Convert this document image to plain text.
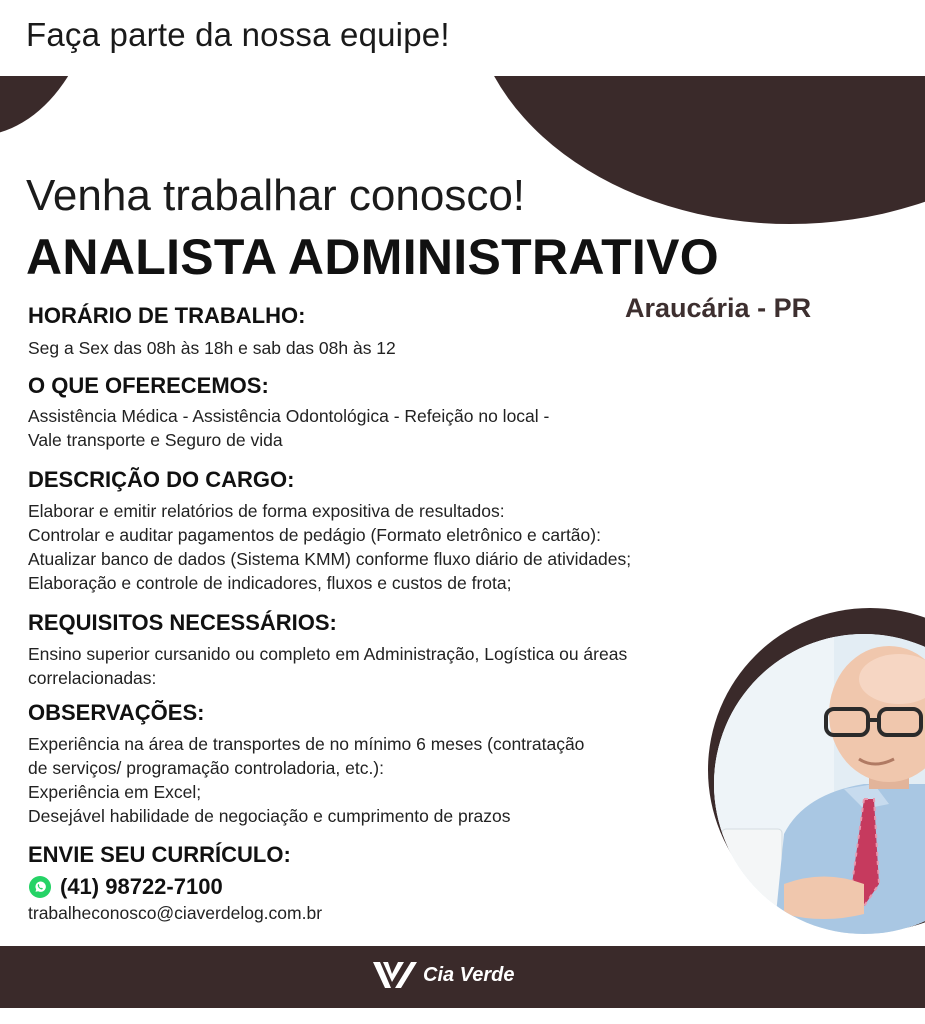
Faça parte da nossa equipe!
Venha trabalhar conosco!
ANALISTA ADMINISTRATIVO
Araucária - PR
HORÁRIO DE TRABALHO:
Seg a Sex das 08h às 18h e sab das 08h às 12
O QUE OFERECEMOS:
Assistência Médica - Assistência Odontológica - Refeição no local -
Vale transporte e Seguro de vida
DESCRIÇÃO DO CARGO:
Elaborar e emitir relatórios de forma expositiva de resultados:
Controlar e auditar pagamentos de pedágio (Formato eletrônico e cartão):
Atualizar banco de dados (Sistema KMM) conforme fluxo diário de atividades;
Elaboração e controle de indicadores, fluxos e custos de frota;
REQUISITOS NECESSÁRIOS:
Ensino superior cursanido ou completo em Administração, Logística ou áreas
correlacionadas:
OBSERVAÇÕES:
Experiência na área de transportes de no mínimo 6 meses (contratação
de serviços/ programação controladoria, etc.):
Experiência em Excel;
Desejável habilidade de negociação e cumprimento de prazos
ENVIE SEU CURRÍCULO:
(41) 98722-7100
trabalheconosco@ciaverdelog.com.br
Cia Verde
